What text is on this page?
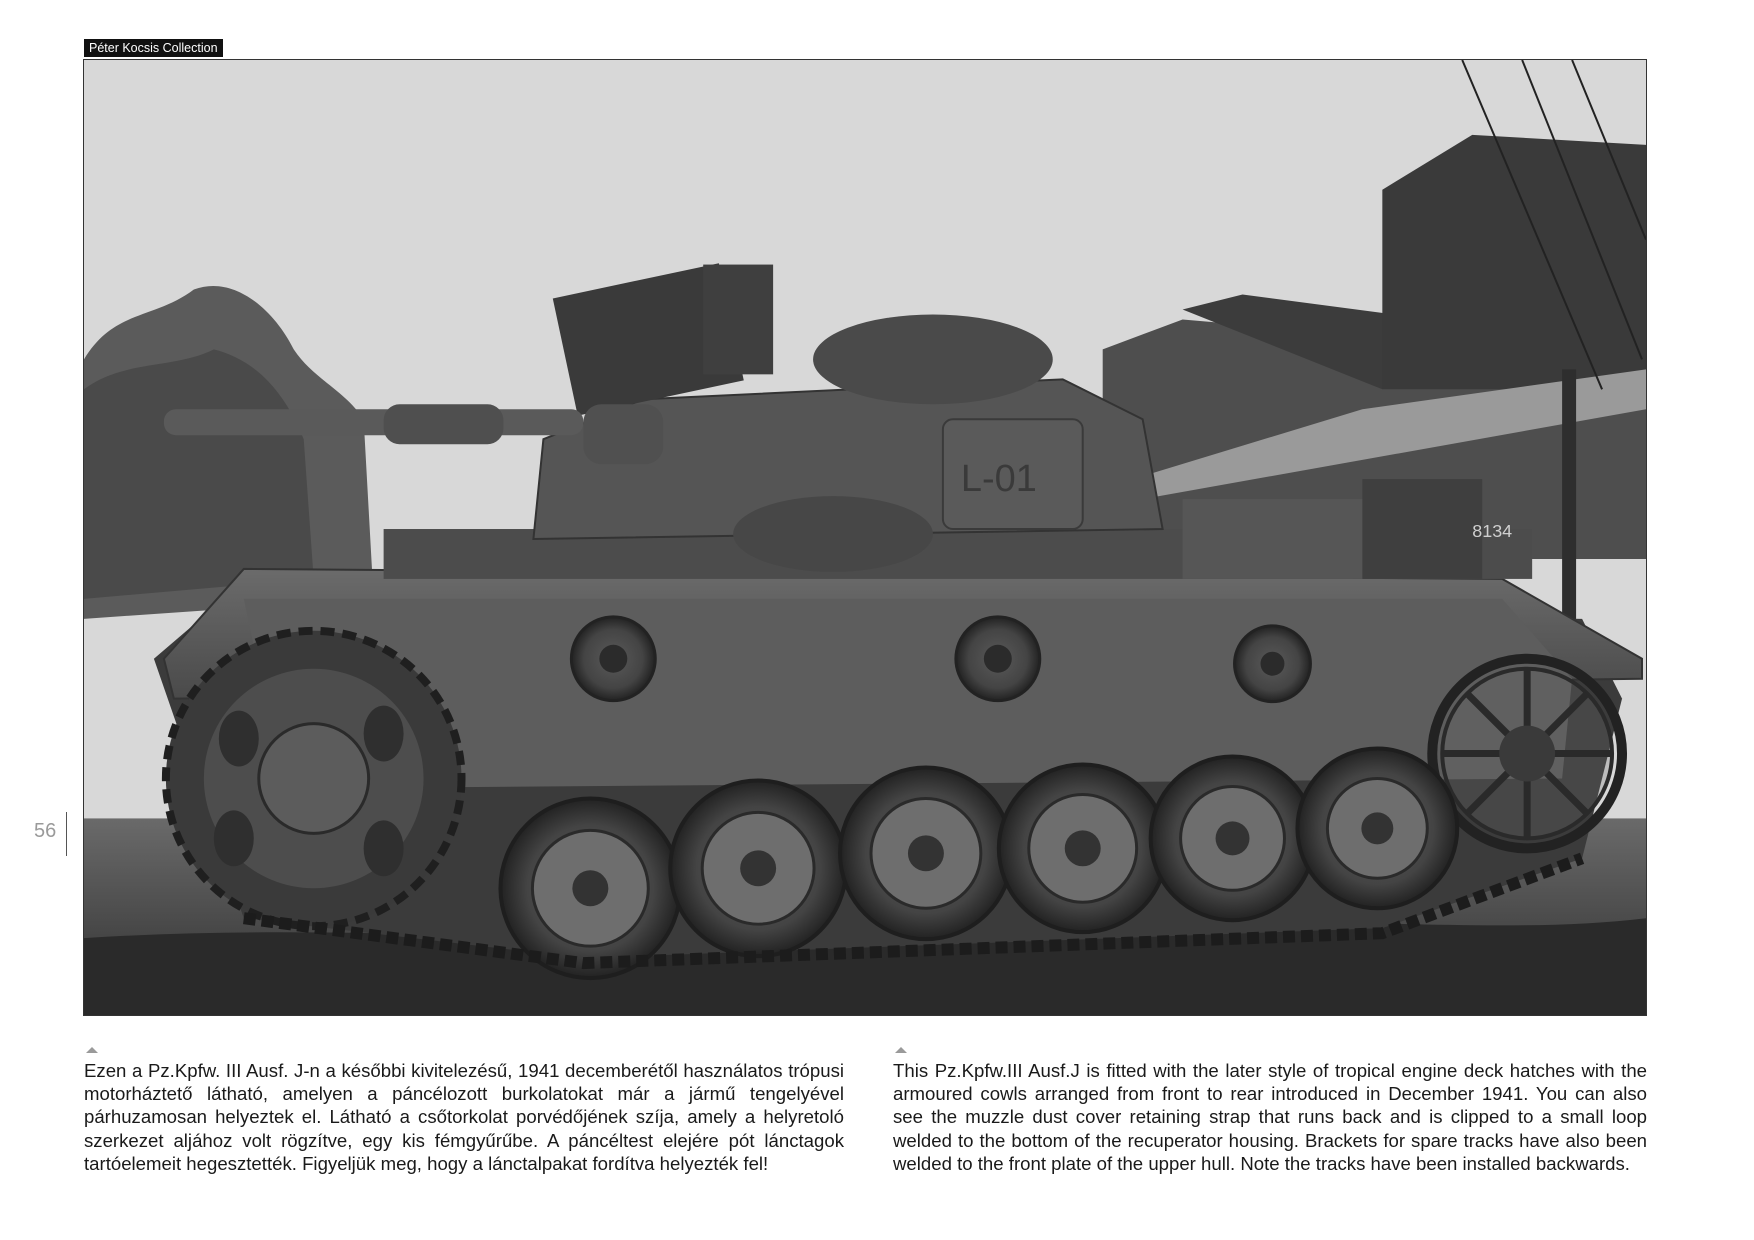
Péter Kocsis Collection
8134
L-01
56

Ezen a Pz.Kpfw. III Ausf. J-n a későbbi kivitelezésű, 1941 decemberétől használatos trópusi motorháztető látható, amelyen a páncélozott burkolatokat már a jármű tengelyével párhuzamosan helyeztek el. Látható a csőtorkolat porvédőjének szíja, amely a helyretoló szerkezet aljához volt rögzítve, egy kis fémgyűrűbe. A páncéltest elejére pót lánctagok tartóelemeit hegesztették. Figyeljük meg, hogy a lánctalpakat fordítva helyezték fel!

This Pz.Kpfw.III Ausf.J is fitted with the later style of tropical engine deck hatches with the armoured cowls arranged from front to rear introduced in December 1941. You can also see the muzzle dust cover retaining strap that runs back and is clipped to a small loop welded to the bottom of the recuperator housing. Brackets for spare tracks have also been welded to the front plate of the upper hull. Note the tracks have been installed backwards.
